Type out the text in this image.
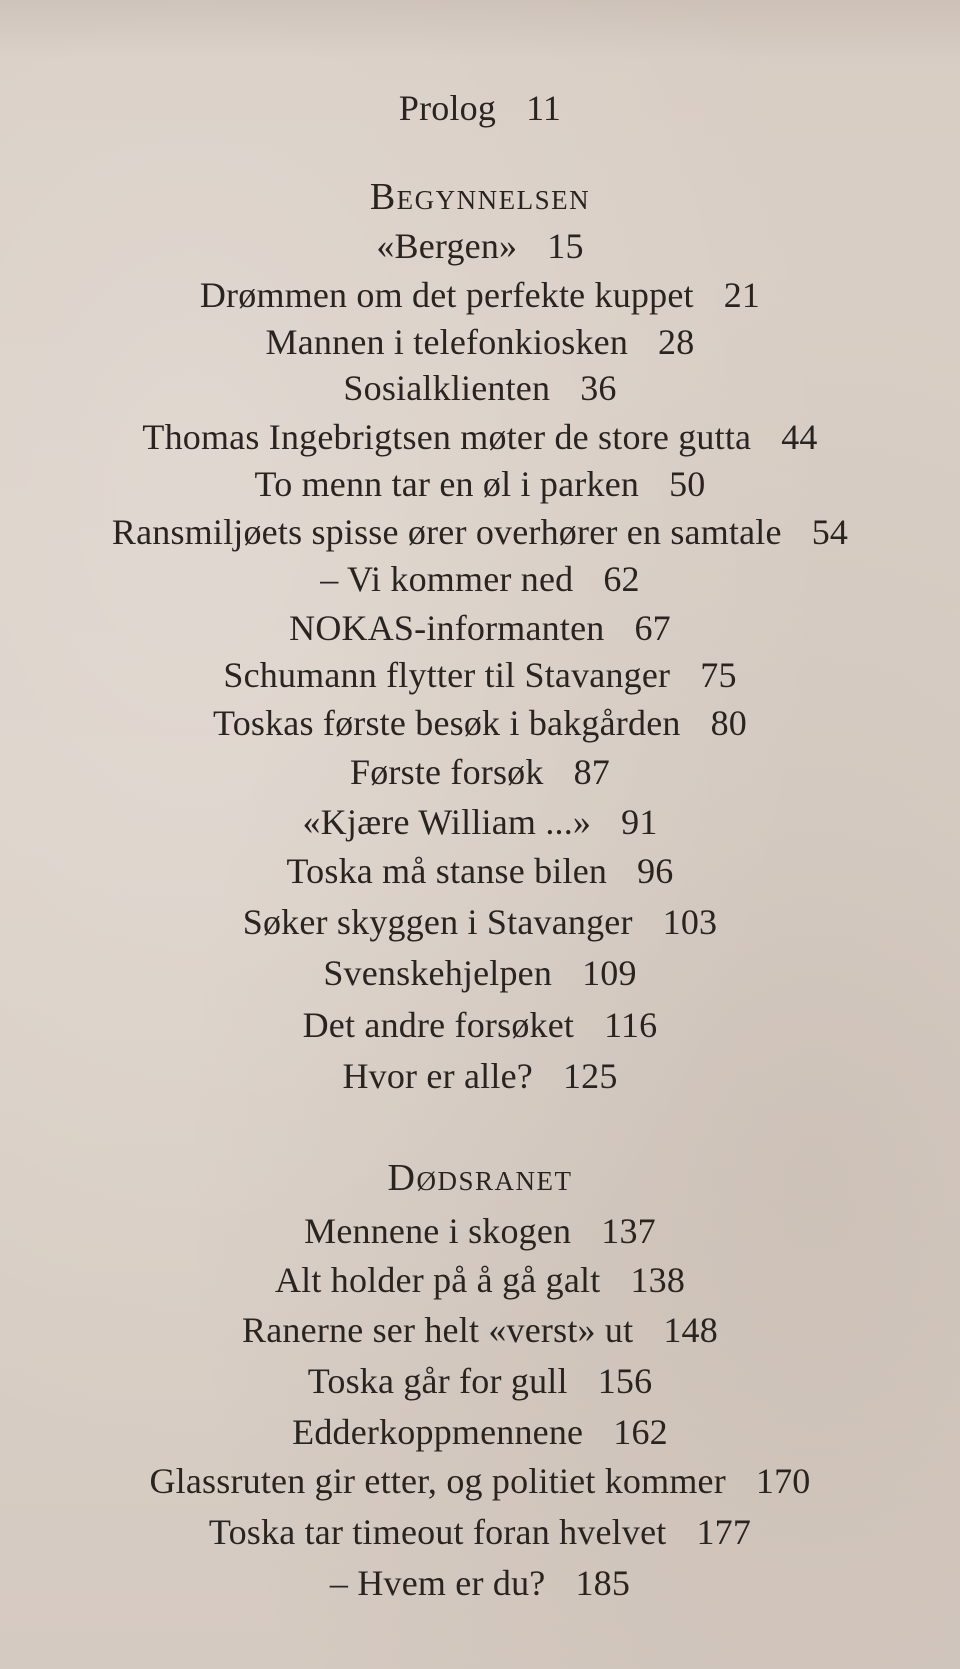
Prolog 11
Begynnelsen
«Bergen» 15
Drømmen om det perfekte kuppet 21
Mannen i telefonkiosken 28
Sosialklienten 36
Thomas Ingebrigtsen møter de store gutta 44
To menn tar en øl i parken 50
Ransmiljøets spisse ører overhører en samtale 54
– Vi kommer ned 62
NOKAS-informanten 67
Schumann flytter til Stavanger 75
Toskas første besøk i bakgården 80
Første forsøk 87
«Kjære William ...» 91
Toska må stanse bilen 96
Søker skyggen i Stavanger 103
Svenskehjelpen 109
Det andre forsøket 116
Hvor er alle? 125
Dødsranet
Mennene i skogen 137
Alt holder på å gå galt 138
Ranerne ser helt «verst» ut 148
Toska går for gull 156
Edderkoppmennene 162
Glassruten gir etter, og politiet kommer 170
Toska tar timeout foran hvelvet 177
– Hvem er du? 185
